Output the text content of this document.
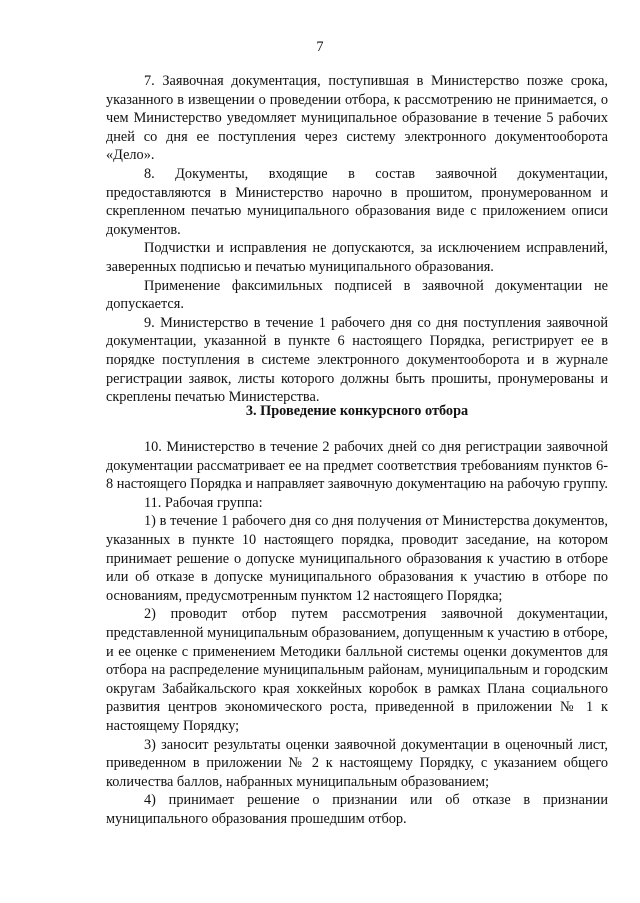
7

7. Заявочная документация, поступившая в Министерство позже срока, указанного в извещении о проведении отбора, к рассмотрению не принимается, о чем Министерство уведомляет муниципальное образование в течение 5 рабочих дней со дня ее поступления через систему электронного документооборота «Дело».

8. Документы, входящие в состав заявочной документации, предоставляются в Министерство нарочно в прошитом, пронумерованном и скрепленном печатью муниципального образования виде с приложением описи документов.

Подчистки и исправления не допускаются, за исключением исправлений, заверенных подписью и печатью муниципального образования.

Применение факсимильных подписей в заявочной документации не допускается.

9. Министерство в течение 1 рабочего дня со дня поступления заявочной документации, указанной в пункте 6 настоящего Порядка, регистрирует ее в порядке поступления в системе электронного документооборота и в журнале регистрации заявок, листы которого должны быть прошиты, пронумерованы и скреплены печатью Министерства.

3. Проведение конкурсного отбора

10. Министерство в течение 2 рабочих дней со дня регистрации заявочной документации рассматривает ее на предмет соответствия требованиям пунктов 6-8 настоящего Порядка и направляет заявочную документацию на рабочую группу.

11. Рабочая группа:

1) в течение 1 рабочего дня со дня получения от Министерства документов, указанных в пункте 10 настоящего порядка, проводит заседание, на котором принимает решение о допуске муниципального образования к участию в отборе или об отказе в допуске муниципального образования к участию в отборе по основаниям, предусмотренным пунктом 12 настоящего Порядка;

2) проводит отбор путем рассмотрения заявочной документации, представленной муниципальным образованием, допущенным к участию в отборе, и ее оценке с применением Методики балльной системы оценки документов для отбора на распределение муниципальным районам, муниципальным и городским округам Забайкальского края хоккейных коробок в рамках Плана социального развития центров экономического роста, приведенной в приложении № 1 к настоящему Порядку;

3) заносит результаты оценки заявочной документации в оценочный лист, приведенном в приложении № 2 к настоящему Порядку, с указанием общего количества баллов, набранных муниципальным образованием;

4) принимает решение о признании или об отказе в признании муниципального образования прошедшим отбор.
